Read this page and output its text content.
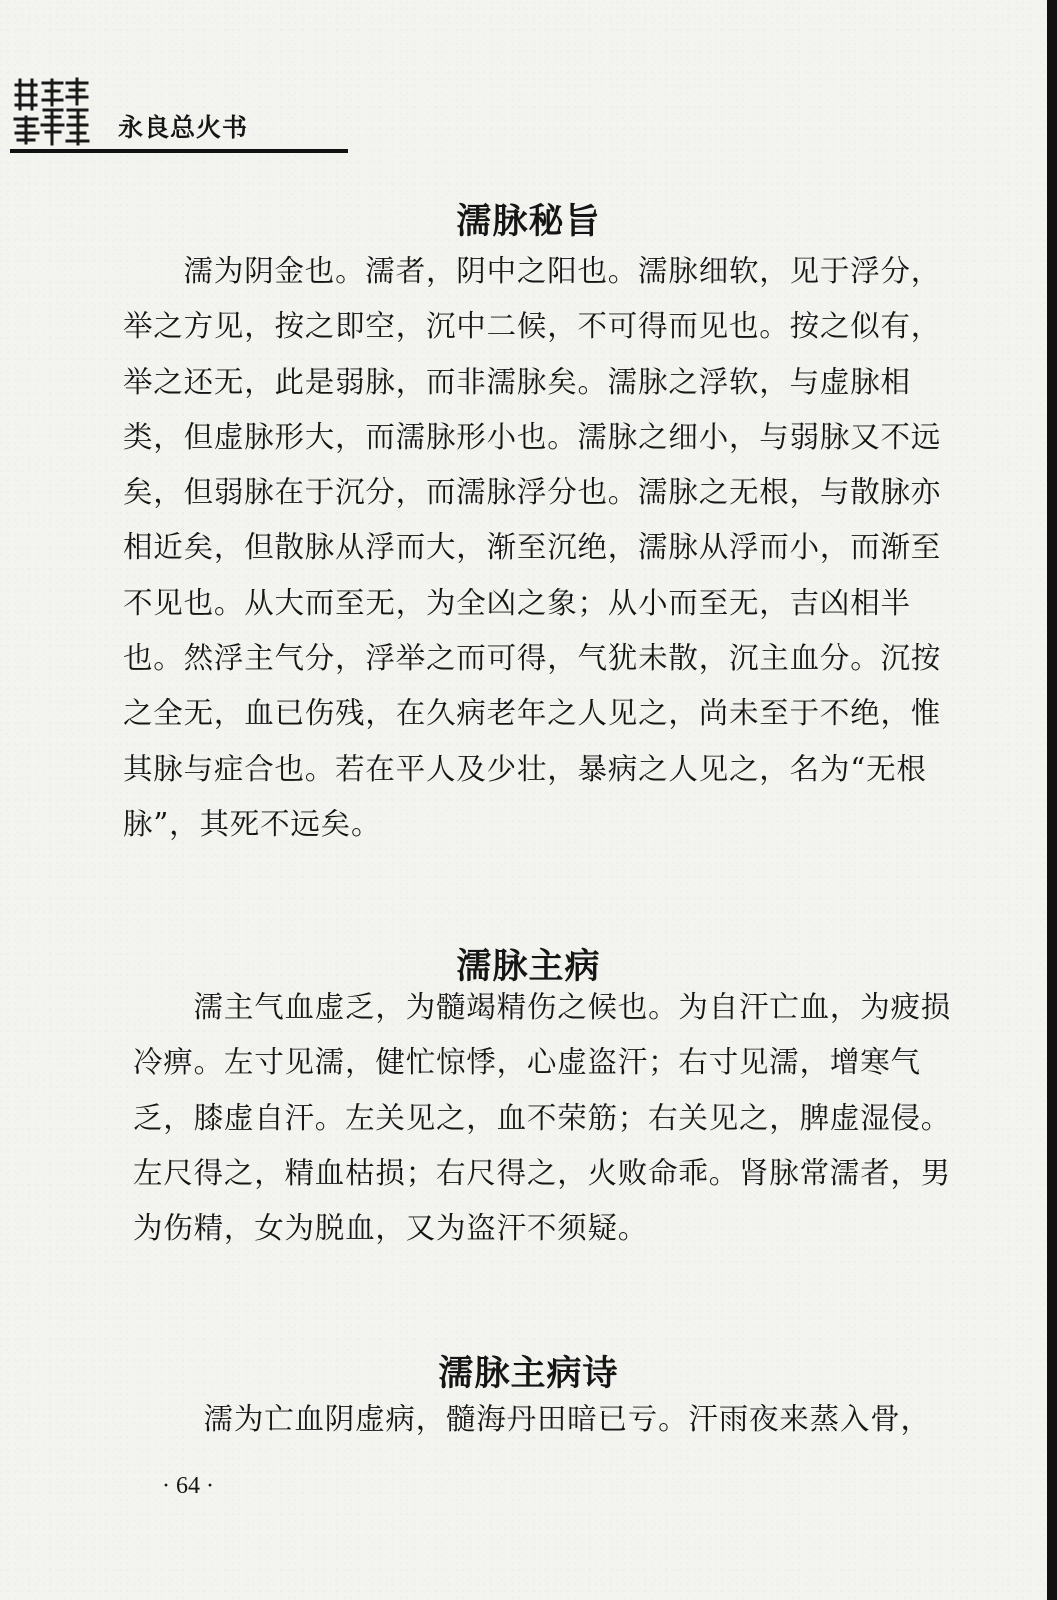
永良总火书
濡脉秘旨
　　濡为阴金也。濡者，阴中之阳也。濡脉细软，见于浮分，举之方见，按之即空，沉中二候，不可得而见也。按之似有，举之还无，此是弱脉，而非濡脉矣。濡脉之浮软，与虚脉相类，但虚脉形大，而濡脉形小也。濡脉之细小，与弱脉又不远矣，但弱脉在于沉分，而濡脉浮分也。濡脉之无根，与散脉亦相近矣，但散脉从浮而大，渐至沉绝，濡脉从浮而小，而渐至不见也。从大而至无，为全凶之象；从小而至无，吉凶相半也。然浮主气分，浮举之而可得，气犹未散，沉主血分。沉按之全无，血已伤残，在久病老年之人见之，尚未至于不绝，惟其脉与症合也。若在平人及少壮，暴病之人见之，名为“无根脉”，其死不远矣。
濡脉主病
　　濡主气血虚乏，为髓竭精伤之候也。为自汗亡血，为疲损冷痹。左寸见濡，健忙惊悸，心虚盗汗；右寸见濡，增寒气乏，膝虚自汗。左关见之，血不荣筋；右关见之，脾虚湿侵。左尺得之，精血枯损；右尺得之，火败命乖。肾脉常濡者，男为伤精，女为脱血，又为盗汗不须疑。
濡脉主病诗
　　濡为亡血阴虚病，髓海丹田暗已亏。汗雨夜来蒸入骨，
· 64 ·
